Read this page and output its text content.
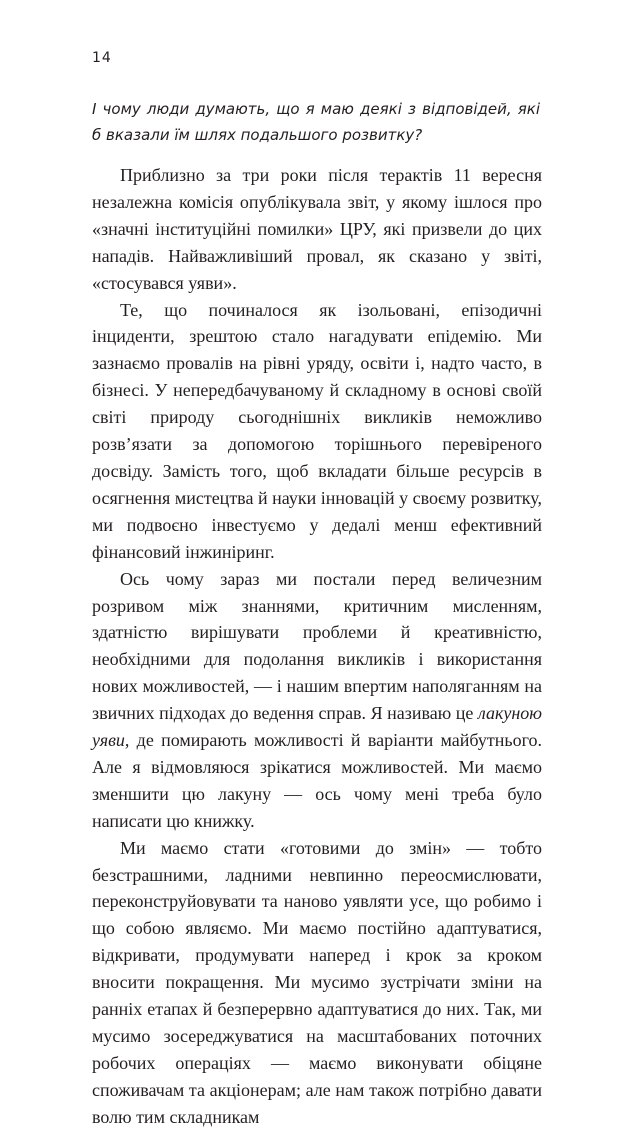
14

І чому люди думають, що я маю деякі з відповідей, які б вказали їм шлях подальшого розвитку?

Приблизно за три роки після терактів 11 вересня незалежна комісія опублікувала звіт, у якому ішлося про «значні інституційні помилки» ЦРУ, які призвели до цих нападів. Найважливіший провал, як сказано у звіті, «стосувався уяви».

Те, що починалося як ізольовані, епізодичні інциденти, зрештою стало нагадувати епідемію. Ми зазнаємо провалів на рівні уряду, освіти і, надто часто, в бізнесі. У непередбачуваному й складному в основі своїй світі природу сьогоднішніх викликів неможливо розв’язати за допомогою торішнього перевіреного досвіду. Замість того, щоб вкладати більше ресурсів в осягнення мистецтва й науки інновацій у своєму розвитку, ми подвоєно інвестуємо у дедалі менш ефективний фінансовий інжиніринг.

Ось чому зараз ми постали перед величезним розривом між знаннями, критичним мисленням, здатністю вирішувати проблеми й креативністю, необхідними для подолання викликів і використання нових можливостей, — і нашим впертим наполяганням на звичних підходах до ведення справ. Я називаю це лакуною уяви, де помирають можливості й варіанти майбутнього. Але я відмовляюся зрікатися можливостей. Ми маємо зменшити цю лакуну — ось чому мені треба було написати цю книжку.

Ми маємо стати «готовими до змін» — тобто безстрашними, ладними невпинно переосмислювати, переконструйовувати та наново уявляти усе, що робимо і що собою являємо. Ми маємо постійно адаптуватися, відкривати, продумувати наперед і крок за кроком вносити покращення. Ми мусимо зустрічати зміни на ранніх етапах й безперервно адаптуватися до них. Так, ми мусимо зосереджуватися на масштабованих поточних робочих операціях — маємо виконувати обіцяне споживачам та акціонерам; але нам також потрібно давати волю тим складникам
